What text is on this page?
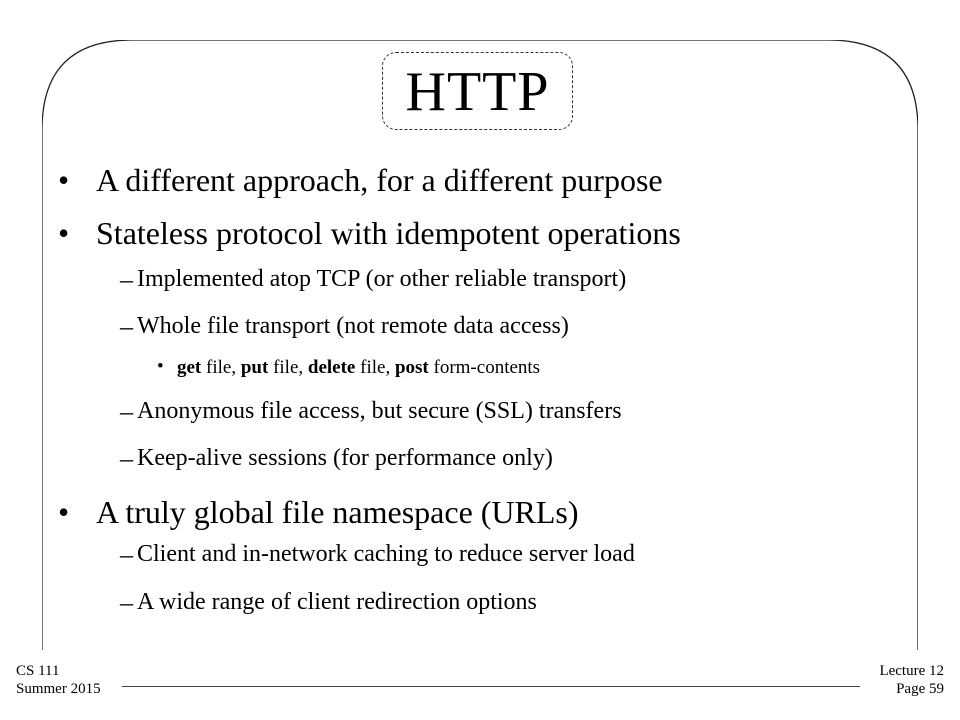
HTTP
• A different approach, for a different purpose
• Stateless protocol with idempotent operations
– Implemented atop TCP (or other reliable transport)
– Whole file transport (not remote data access)
• get file, put file, delete file, post form-contents
– Anonymous file access, but secure (SSL) transfers
– Keep-alive sessions (for performance only)
• A truly global file namespace (URLs)
– Client and in-network caching to reduce server load
– A wide range of client redirection options
CS 111
Summer 2015
Lecture 12
Page 59
